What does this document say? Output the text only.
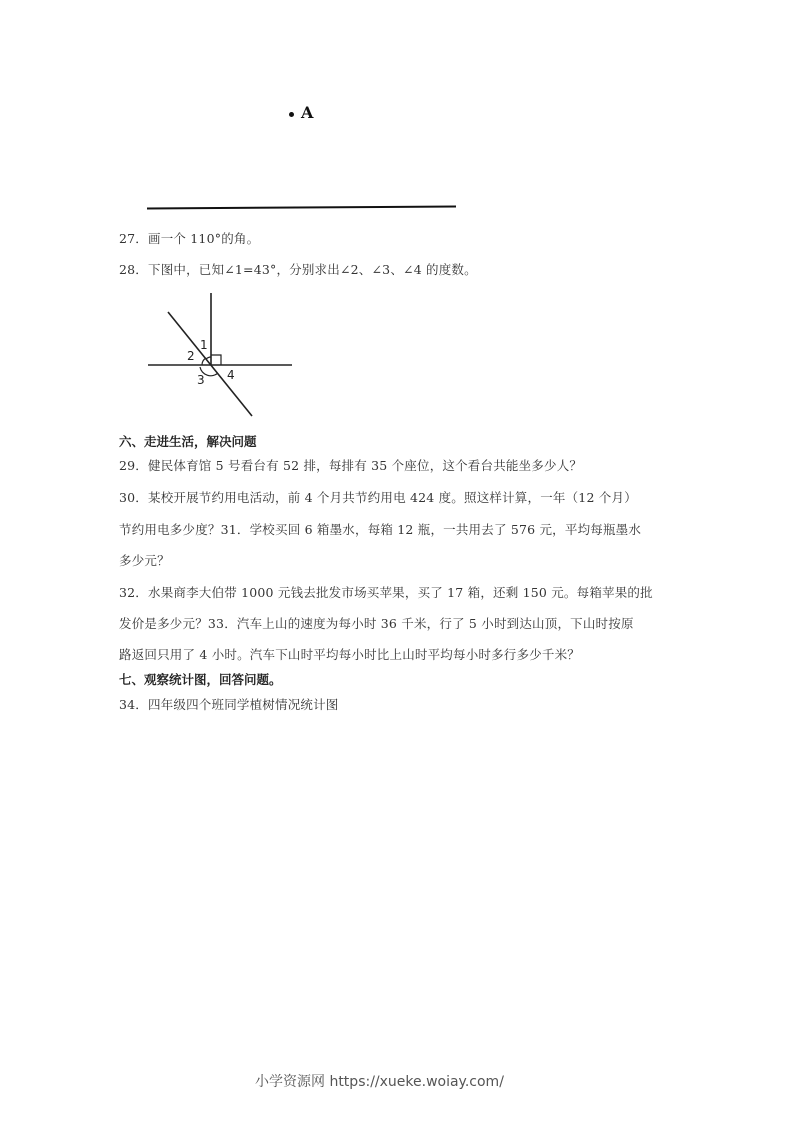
A
27．画一个 110°的角。
28．下图中，已知∠1=43°，分别求出∠2、∠3、∠4 的度数。
1
2
3 4
六、走进生活，解决问题
29．健民体育馆 5 号看台有 52 排，每排有 35 个座位，这个看台共能坐多少人？
30．某校开展节约用电活动，前 4 个月共节约用电 424 度。照这样计算，一年（12 个月）
节约用电多少度？31．学校买回 6 箱墨水，每箱 12 瓶，一共用去了 576 元，平均每瓶墨水
多少元？
32．水果商李大伯带 1000 元钱去批发市场买苹果，买了 17 箱，还剩 150 元。每箱苹果的批
发价是多少元？33．汽车上山的速度为每小时 36 千米，行了 5 小时到达山顶，下山时按原
路返回只用了 4 小时。汽车下山时平均每小时比上山时平均每小时多行多少千米？
七、观察统计图，回答问题。
34．四年级四个班同学植树情况统计图
小学资源网 https://xueke.woiay.com/
